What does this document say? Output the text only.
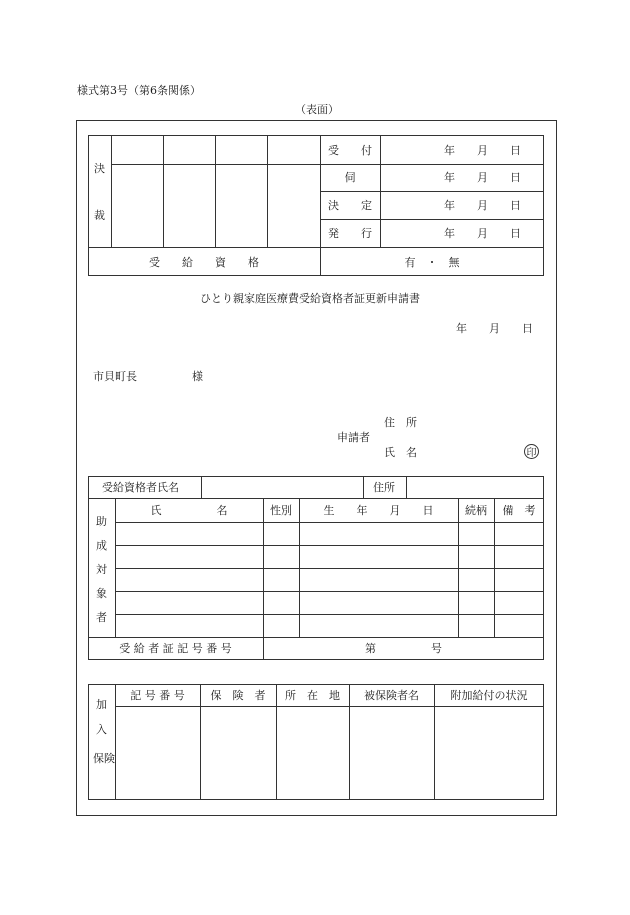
様式第3号（第6条関係）
（表面）
決
裁
受　　付	年　　月　　日
伺	年　　月　　日
決　　定	年　　月　　日
発　　行	年　　月　　日
受　　給　　資　　格	有　・　無
ひとり親家庭医療費受給資格者証更新申請書
年　　月　　日
市貝町長　　　　　様
住　所
申請者
氏　名	印
受給資格者氏名	住所
助
成
対
象
者
氏　　　　　名	性別	生　　年　　月　　日	続柄	備　考
受 給 者 証 記 号 番 号	第　　　　　号
加
入
保険
記 号 番 号	保　険　者	所　在　地	被保険者名	附加給付の状況
